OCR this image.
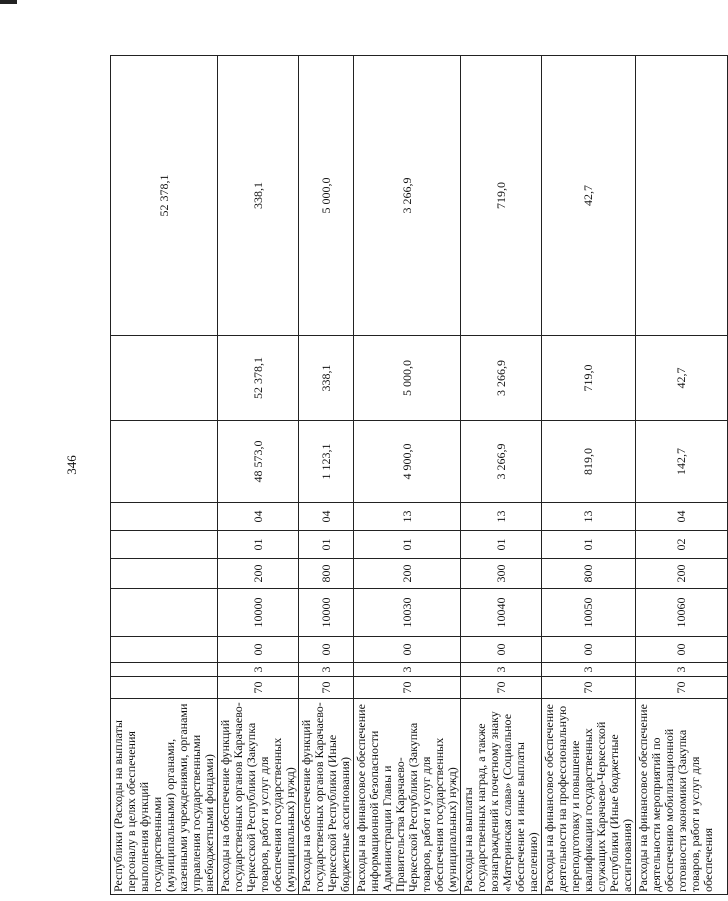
346
Республики (Расходы на выплаты персоналу в целях обеспечения выполнения функций государственными (муниципальными) органами, казенными учреждениями, органами управления государственными внебюджетными фондами)										52 378,1
Расходы на обеспечение функций государственных органов Карачаево-Черкесской Республики (Закупка товаров, работ и услуг для обеспечения государственных (муниципальных) нужд)	70	3	00	10000	200	01	04	48 573,0	52 378,1	338,1
Расходы на обеспечение функций государственных органов Карачаево-Черкесской Республики (Иные бюджетные ассигнования)	70	3	00	10000	800	01	04	1 123,1	338,1	5 000,0
Расходы на финансовое обеспечение информационной безопасности Администрации Главы и Правительства Карачаево-Черкесской Республики (Закупка товаров, работ и услуг для обеспечения государственных (муниципальных) нужд)	70	3	00	10030	200	01	13	4 900,0	5 000,0	3 266,9
Расходы на выплаты государственных наград, а также вознаграждений к почетному знаку «Материнская слава» (Социальное обеспечение и иные выплаты населению)	70	3	00	10040	300	01	13	3 266,9	3 266,9	719,0
Расходы на финансовое обеспечение деятельности на профессиональную переподготовку и повышение квалификации государственных служащих Карачаево-Черкесской Республики (Иные бюджетные ассигнования)	70	3	00	10050	800	01	13	819,0	719,0	42,7
Расходы на финансовое обеспечение деятельности мероприятий по обеспечению мобилизационной готовности экономики (Закупка товаров, работ и услуг для обеспечения	70	3	00	10060	200	02	04	142,7	42,7	
